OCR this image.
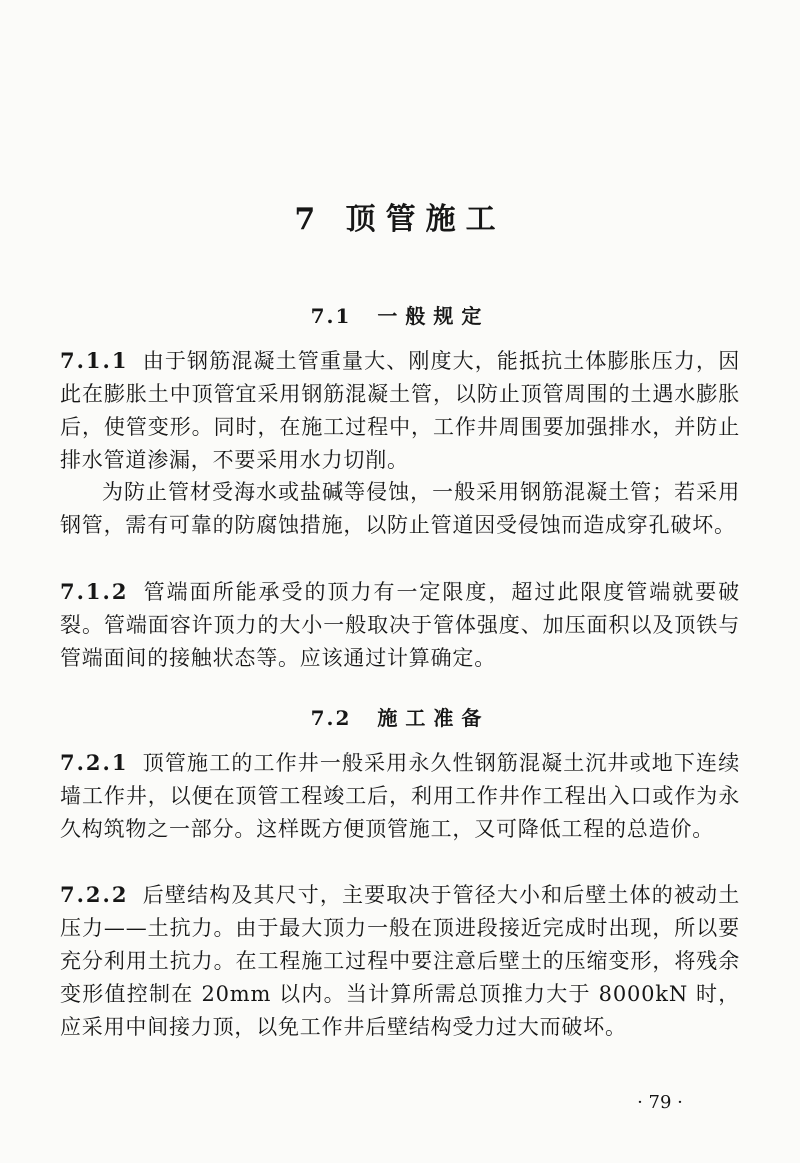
7 顶管施工
7.1 一般规定

7.1.1 由于钢筋混凝土管重量大、刚度大，能抵抗土体膨胀压力，因此在膨胀土中顶管宜采用钢筋混凝土管，以防止顶管周围的土遇水膨胀后，使管变形。同时，在施工过程中，工作井周围要加强排水，并防止排水管道渗漏，不要采用水力切削。

为防止管材受海水或盐碱等侵蚀，一般采用钢筋混凝土管；若采用钢管，需有可靠的防腐蚀措施，以防止管道因受侵蚀而造成穿孔破坏。

7.1.2 管端面所能承受的顶力有一定限度，超过此限度管端就要破裂。管端面容许顶力的大小一般取决于管体强度、加压面积以及顶铁与管端面间的接触状态等。应该通过计算确定。

7.2 施工准备

7.2.1 顶管施工的工作井一般采用永久性钢筋混凝土沉井或地下连续墙工作井，以便在顶管工程竣工后，利用工作井作工程出入口或作为永久构筑物之一部分。这样既方便顶管施工，又可降低工程的总造价。

7.2.2 后壁结构及其尺寸，主要取决于管径大小和后壁土体的被动土压力——土抗力。由于最大顶力一般在顶进段接近完成时出现，所以要充分利用土抗力。在工程施工过程中要注意后壁土的压缩变形，将残余变形值控制在 20mm 以内。当计算所需总顶推力大于 8000kN 时，应采用中间接力顶，以免工作井后壁结构受力过大而破坏。

· 79 ·
